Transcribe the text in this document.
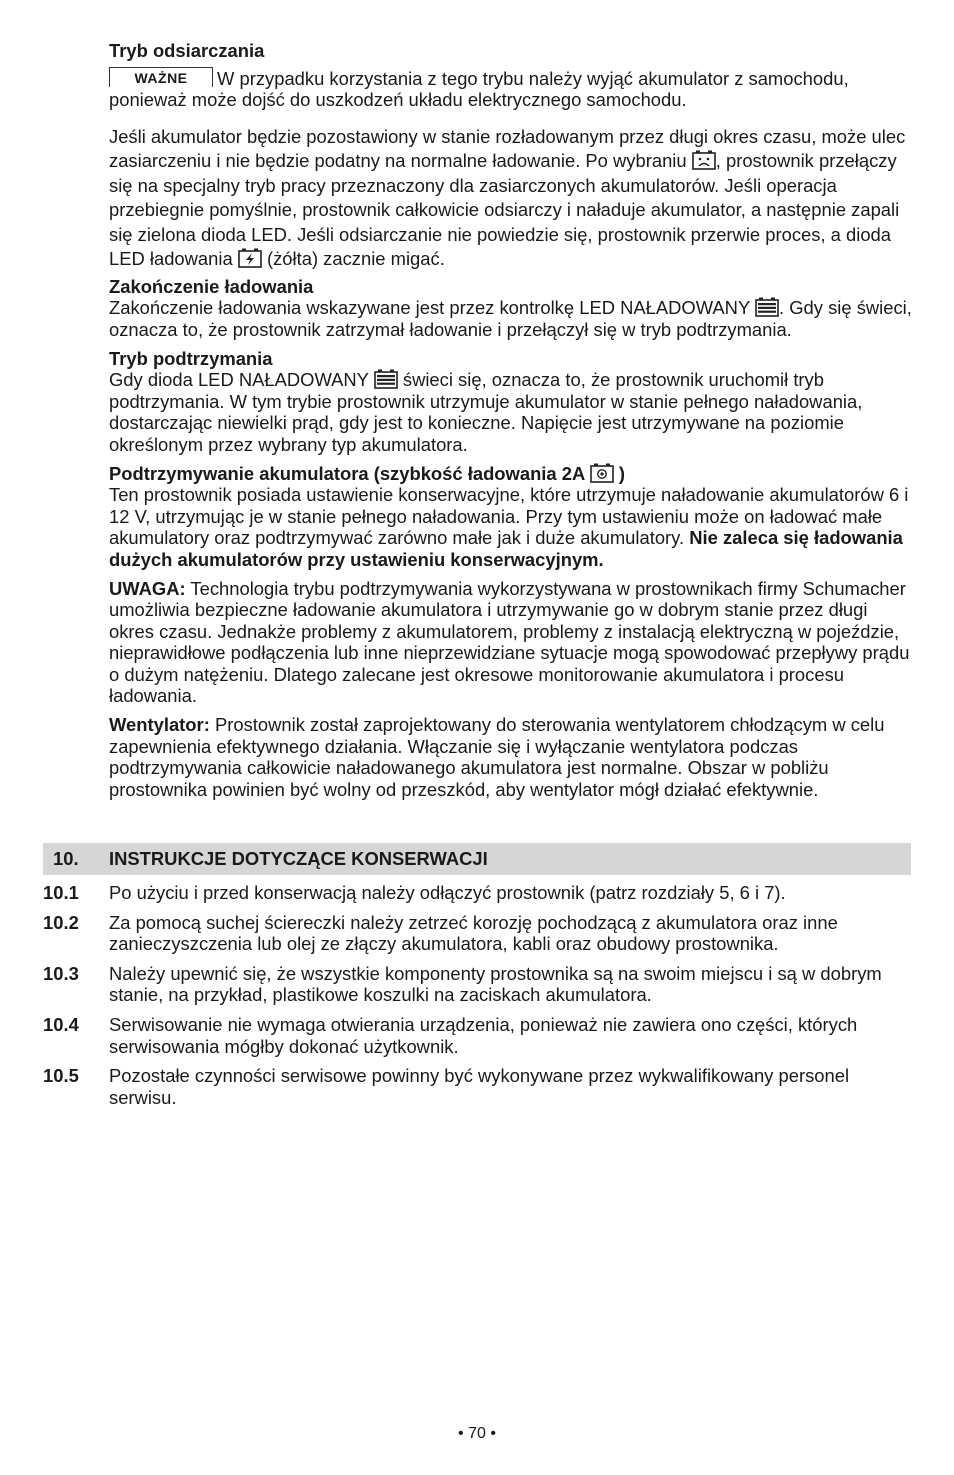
Tryb odsiarczania

WAŻNE W przypadku korzystania z tego trybu należy wyjąć akumulator z samochodu, ponieważ może dojść do uszkodzeń układu elektrycznego samochodu.

Jeśli akumulator będzie pozostawiony w stanie rozładowanym przez długi okres czasu, może ulec zasiarczeniu i nie będzie podatny na normalne ładowanie. Po wybraniu , prostownik przełączy się na specjalny tryb pracy przeznaczony dla zasiarczonych akumulatorów. Jeśli operacja przebiegnie pomyślnie, prostownik całkowicie odsiarczy i naładuje akumulator, a następnie zapali się zielona dioda LED. Jeśli odsiarczanie nie powiedzie się, prostownik przerwie proces, a dioda LED ładowania (żółta) zacznie migać.

Zakończenie ładowania

Zakończenie ładowania wskazywane jest przez kontrolkę LED NAŁADOWANY . Gdy się świeci, oznacza to, że prostownik zatrzymał ładowanie i przełączył się w tryb podtrzymania.

Tryb podtrzymania

Gdy dioda LED NAŁADOWANY świeci się, oznacza to, że prostownik uruchomił tryb podtrzymania. W tym trybie prostownik utrzymuje akumulator w stanie pełnego naładowania, dostarczając niewielki prąd, gdy jest to konieczne. Napięcie jest utrzymywane na poziomie określonym przez wybrany typ akumulatora.

Podtrzymywanie akumulatora (szybkość ładowania 2A )

Ten prostownik posiada ustawienie konserwacyjne, które utrzymuje naładowanie akumulatorów 6 i 12 V, utrzymując je w stanie pełnego naładowania. Przy tym ustawieniu może on ładować małe akumulatory oraz podtrzymywać zarówno małe jak i duże akumulatory. Nie zaleca się ładowania dużych akumulatorów przy ustawieniu konserwacyjnym.

UWAGA: Technologia trybu podtrzymywania wykorzystywana w prostownikach firmy Schumacher umożliwia bezpieczne ładowanie akumulatora i utrzymywanie go w dobrym stanie przez długi okres czasu. Jednakże problemy z akumulatorem, problemy z instalacją elektryczną w pojeździe, nieprawidłowe podłączenia lub inne nieprzewidziane sytuacje mogą spowodować przepływy prądu o dużym natężeniu. Dlatego zalecane jest okresowe monitorowanie akumulatora i procesu ładowania.

Wentylator: Prostownik został zaprojektowany do sterowania wentylatorem chłodzącym w celu zapewnienia efektywnego działania. Włączanie się i wyłączanie wentylatora podczas podtrzymywania całkowicie naładowanego akumulatora jest normalne. Obszar w pobliżu prostownika powinien być wolny od przeszkód, aby wentylator mógł działać efektywnie.

10. INSTRUKCJE DOTYCZĄCE KONSERWACJI
10.1 Po użyciu i przed konserwacją należy odłączyć prostownik (patrz rozdziały 5, 6 i 7).
10.2 Za pomocą suchej ściereczki należy zetrzeć korozję pochodzącą z akumulatora oraz inne zanieczyszczenia lub olej ze złączy akumulatora, kabli oraz obudowy prostownika.
10.3 Należy upewnić się, że wszystkie komponenty prostownika są na swoim miejscu i są w dobrym stanie, na przykład, plastikowe koszulki na zaciskach akumulatora.
10.4 Serwisowanie nie wymaga otwierania urządzenia, ponieważ nie zawiera ono części, których serwisowania mógłby dokonać użytkownik.
10.5 Pozostałe czynności serwisowe powinny być wykonywane przez wykwalifikowany personel serwisu.
• 70 •
